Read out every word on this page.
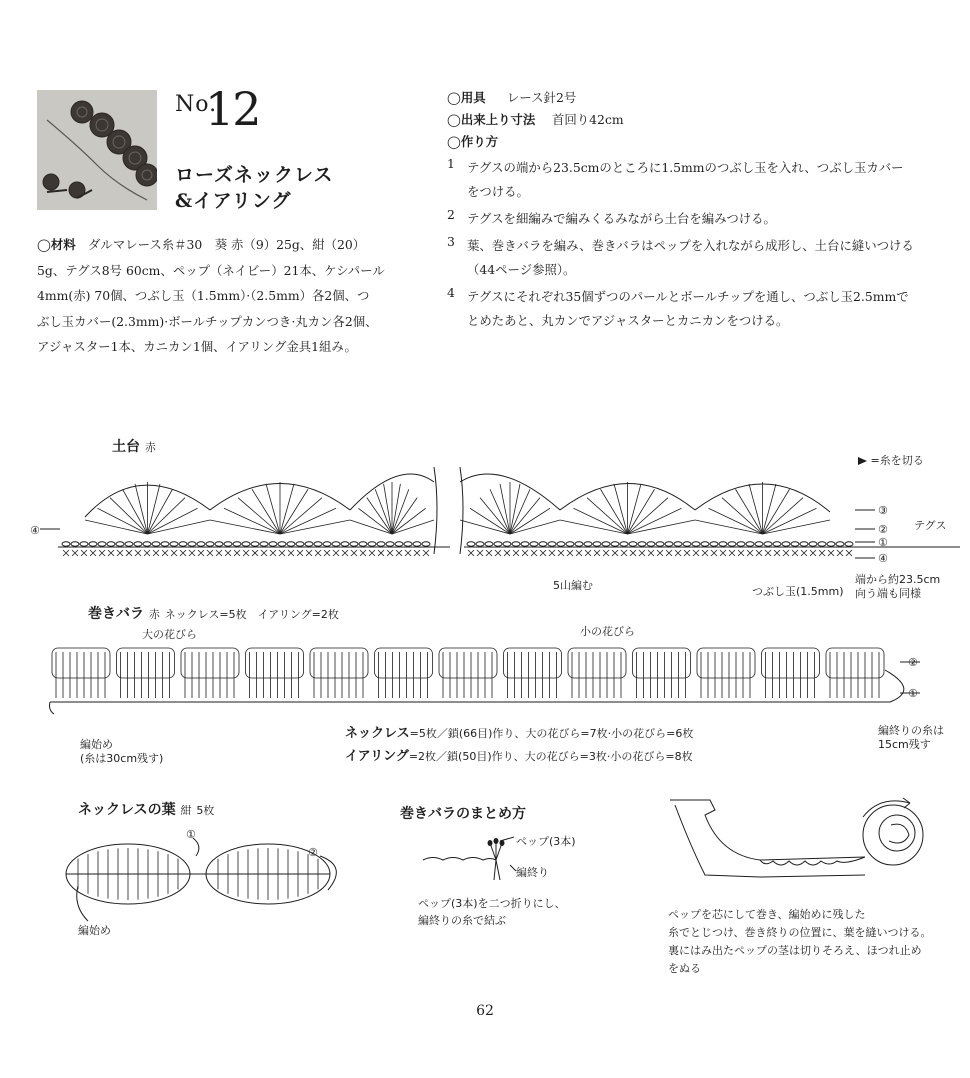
No.
12
ローズネックレス
&イアリング
◯材料　 ダルマレース糸＃30　葵 赤（9）25g、紺（20）
5g、テグス8号 60cm、ペップ（ネイビー）21本、ケシパール
4mm(赤) 70個、つぶし玉（1.5mm）·（2.5mm）各2個、つ
ぶし玉カバー(2.3mm)·ボールチップカンつき·丸カン各2個、
アジャスター1本、カニカン1個、イアリング金具1組み。
◯用具 レース針2号
◯出来上り寸法 首回り42cm
◯作り方
1 テグスの端から23.5cmのところに1.5mmのつぶし玉を入れ、つぶし玉カバー
をつける。
2 テグスを細編みで編みくるみながら土台を編みつける。
3 葉、巻きバラを編み、巻きバラはペップを入れながら成形し、土台に縫いつける
（44ページ参照）。
4 テグスにそれぞれ35個ずつのパールとボールチップを通し、つぶし玉2.5mmで
とめたあと、丸カンでアジャスターとカニカンをつける。
土台 赤
=糸を切る
③
②
①
④
④	テグス
5山編む	つぶし玉(1.5mm)
端から約23.5cm
向う端も同様
巻きバラ 赤 ネックレス=5枚　イアリング=2枚
大の花びら	小の花びら
②
①
編始め
(糸は30cm残す)
編終りの糸は
15cm残す
ネックレス=5枚／鎖(66目)作り、大の花びら=7枚·小の花びら=6枚
イアリング=2枚／鎖(50目)作り、大の花びら=3枚·小の花びら=8枚
ネックレスの葉 紺 5枚
①
②
編始め
巻きバラのまとめ方
ペップ(3本)
編終り
ペップ(3本)を二つ折りにし、
編終りの糸で結ぶ	ペップを芯にして巻き、編始めに残した
糸でとじつけ、巻き終りの位置に、葉を縫いつける。
裏にはみ出たペップの茎は切りそろえ、ほつれ止め
をぬる
62
